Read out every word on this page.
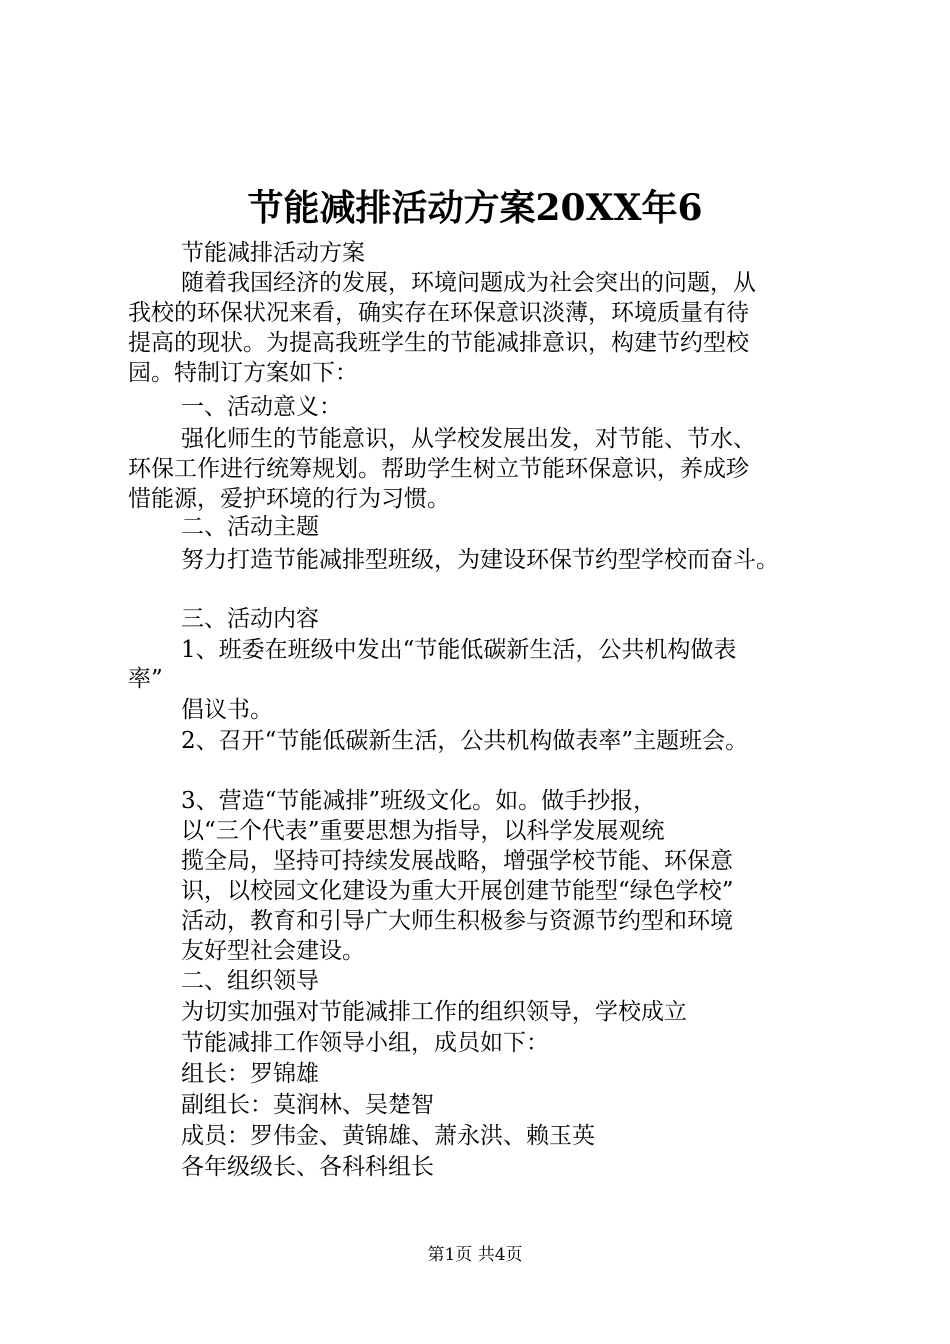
节能减排活动方案20XX年6
节能减排活动方案
随着我国经济的发展，环境问题成为社会突出的问题，从
我校的环保状况来看，确实存在环保意识淡薄，环境质量有待
提高的现状。为提高我班学生的节能减排意识，构建节约型校
园。特制订方案如下：
一、活动意义：
强化师生的节能意识，从学校发展出发，对节能、节水、
环保工作进行统筹规划。帮助学生树立节能环保意识，养成珍
惜能源，爱护环境的行为习惯。
二、活动主题
努力打造节能减排型班级，为建设环保节约型学校而奋斗。
三、活动内容
1、班委在班级中发出“节能低碳新生活，公共机构做表
率”
倡议书。
2、召开“节能低碳新生活，公共机构做表率”主题班会。
3、营造“节能减排”班级文化。如。做手抄报，
以“三个代表”重要思想为指导，以科学发展观统
揽全局，坚持可持续发展战略，增强学校节能、环保意
识，以校园文化建设为重大开展创建节能型“绿色学校”
活动，教育和引导广大师生积极参与资源节约型和环境
友好型社会建设。
二、组织领导
为切实加强对节能减排工作的组织领导，学校成立
节能减排工作领导小组，成员如下：
组长：罗锦雄
副组长：莫润林、吴楚智
成员：罗伟金、黄锦雄、萧永洪、赖玉英
各年级级长、各科科组长
第1页 共4页
